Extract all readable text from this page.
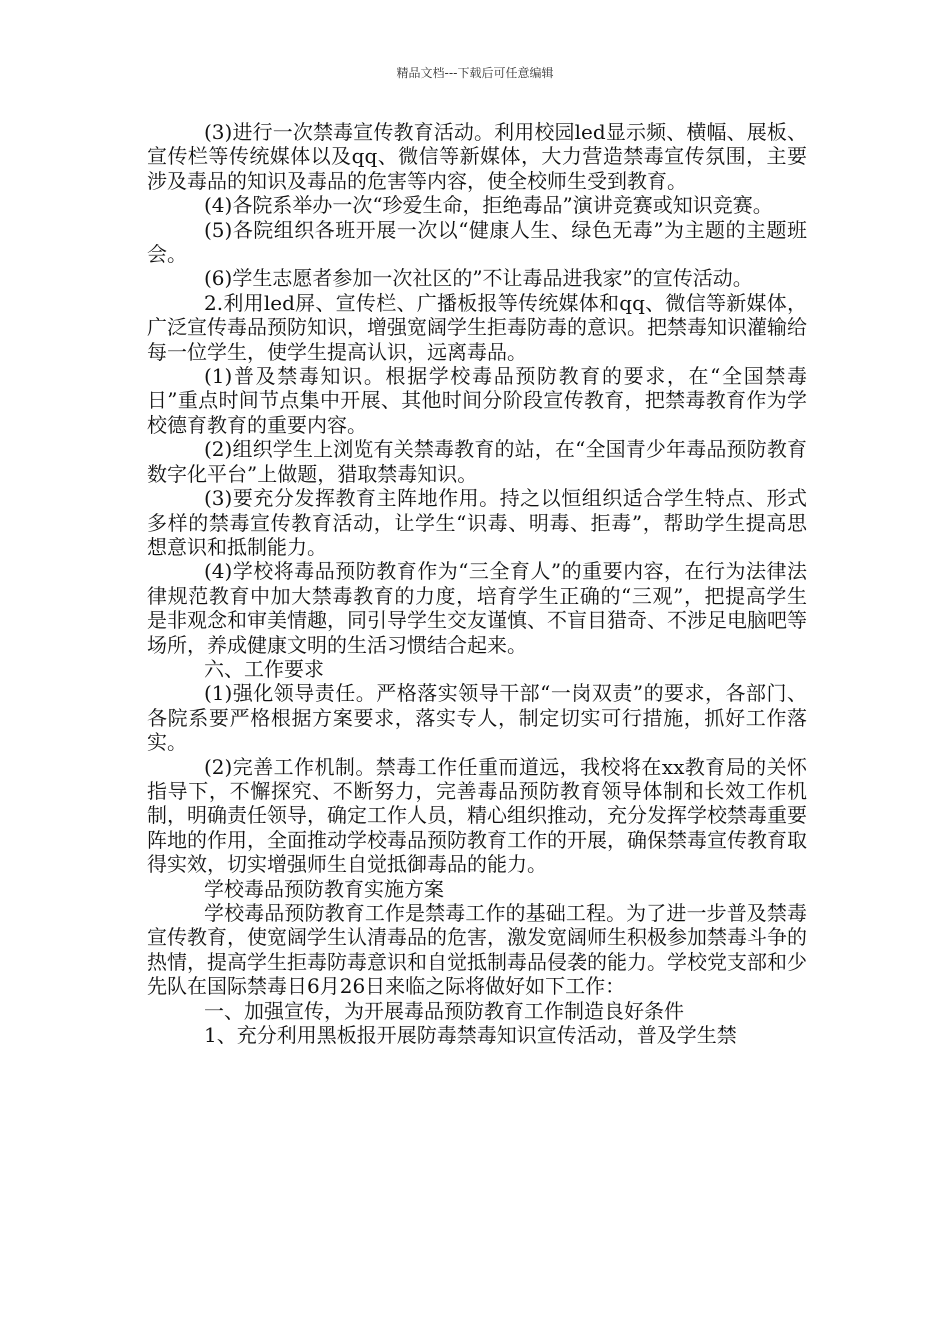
精品文档---下载后可任意编辑

(3)进行一次禁毒宣传教育活动。利用校园led显示频、横幅、展板、宣传栏等传统媒体以及qq、微信等新媒体，大力营造禁毒宣传氛围，主要涉及毒品的知识及毒品的危害等内容，使全校师生受到教育。

(4)各院系举办一次“珍爱生命，拒绝毒品”演讲竞赛或知识竞赛。

(5)各院组织各班开展一次以“健康人生、绿色无毒”为主题的主题班会。

(6)学生志愿者参加一次社区的”不让毒品进我家”的宣传活动。

2.利用led屏、宣传栏、广播板报等传统媒体和qq、微信等新媒体，广泛宣传毒品预防知识，增强宽阔学生拒毒防毒的意识。把禁毒知识灌输给每一位学生，使学生提高认识，远离毒品。

(1)普及禁毒知识。根据学校毒品预防教育的要求，在“全国禁毒日”重点时间节点集中开展、其他时间分阶段宣传教育，把禁毒教育作为学校德育教育的重要内容。

(2)组织学生上浏览有关禁毒教育的站，在“全国青少年毒品预防教育数字化平台”上做题，猎取禁毒知识。

(3)要充分发挥教育主阵地作用。持之以恒组织适合学生特点、形式多样的禁毒宣传教育活动，让学生“识毒、明毒、拒毒”，帮助学生提高思想意识和抵制能力。

(4)学校将毒品预防教育作为“三全育人”的重要内容，在行为法律法律规范教育中加大禁毒教育的力度，培育学生正确的“三观”，把提高学生是非观念和审美情趣，同引导学生交友谨慎、不盲目猎奇、不涉足电脑吧等场所，养成健康文明的生活习惯结合起来。

六、工作要求

(1)强化领导责任。严格落实领导干部“一岗双责”的要求，各部门、各院系要严格根据方案要求，落实专人，制定切实可行措施，抓好工作落实。

(2)完善工作机制。禁毒工作任重而道远，我校将在xx教育局的关怀指导下，不懈探究、不断努力，完善毒品预防教育领导体制和长效工作机制，明确责任领导，确定工作人员，精心组织推动，充分发挥学校禁毒重要阵地的作用，全面推动学校毒品预防教育工作的开展，确保禁毒宣传教育取得实效，切实增强师生自觉抵御毒品的能力。

学校毒品预防教育实施方案

学校毒品预防教育工作是禁毒工作的基础工程。为了进一步普及禁毒宣传教育，使宽阔学生认清毒品的危害，激发宽阔师生积极参加禁毒斗争的热情，提高学生拒毒防毒意识和自觉抵制毒品侵袭的能力。学校党支部和少先队在国际禁毒日6月26日来临之际将做好如下工作：

一、加强宣传，为开展毒品预防教育工作制造良好条件

1、充分利用黑板报开展防毒禁毒知识宣传活动，普及学生禁
